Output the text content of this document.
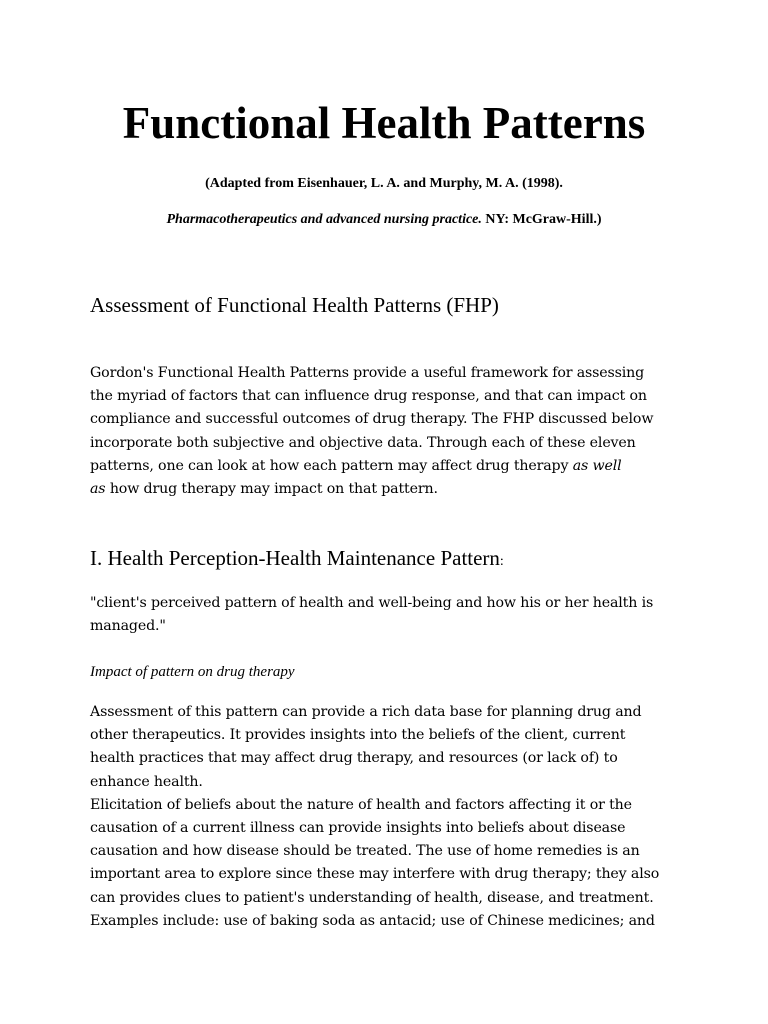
Functional Health Patterns
(Adapted from Eisenhauer, L. A. and Murphy, M. A. (1998).
Pharmacotherapeutics and advanced nursing practice. NY: McGraw-Hill.)
Assessment of Functional Health Patterns (FHP)
Gordon's Functional Health Patterns provide a useful framework for assessing
the myriad of factors that can influence drug response, and that can impact on
compliance and successful outcomes of drug therapy. The FHP discussed below
incorporate both subjective and objective data. Through each of these eleven
patterns, one can look at how each pattern may affect drug therapy as well
as how drug therapy may impact on that pattern.
I. Health Perception-Health Maintenance Pattern:
"client's perceived pattern of health and well-being and how his or her health is
managed."
Impact of pattern on drug therapy
Assessment of this pattern can provide a rich data base for planning drug and
other therapeutics. It provides insights into the beliefs of the client, current
health practices that may affect drug therapy, and resources (or lack of) to
enhance health.
Elicitation of beliefs about the nature of health and factors affecting it or the
causation of a current illness can provide insights into beliefs about disease
causation and how disease should be treated. The use of home remedies is an
important area to explore since these may interfere with drug therapy; they also
can provides clues to patient's understanding of health, disease, and treatment.
Examples include: use of baking soda as antacid; use of Chinese medicines; and
